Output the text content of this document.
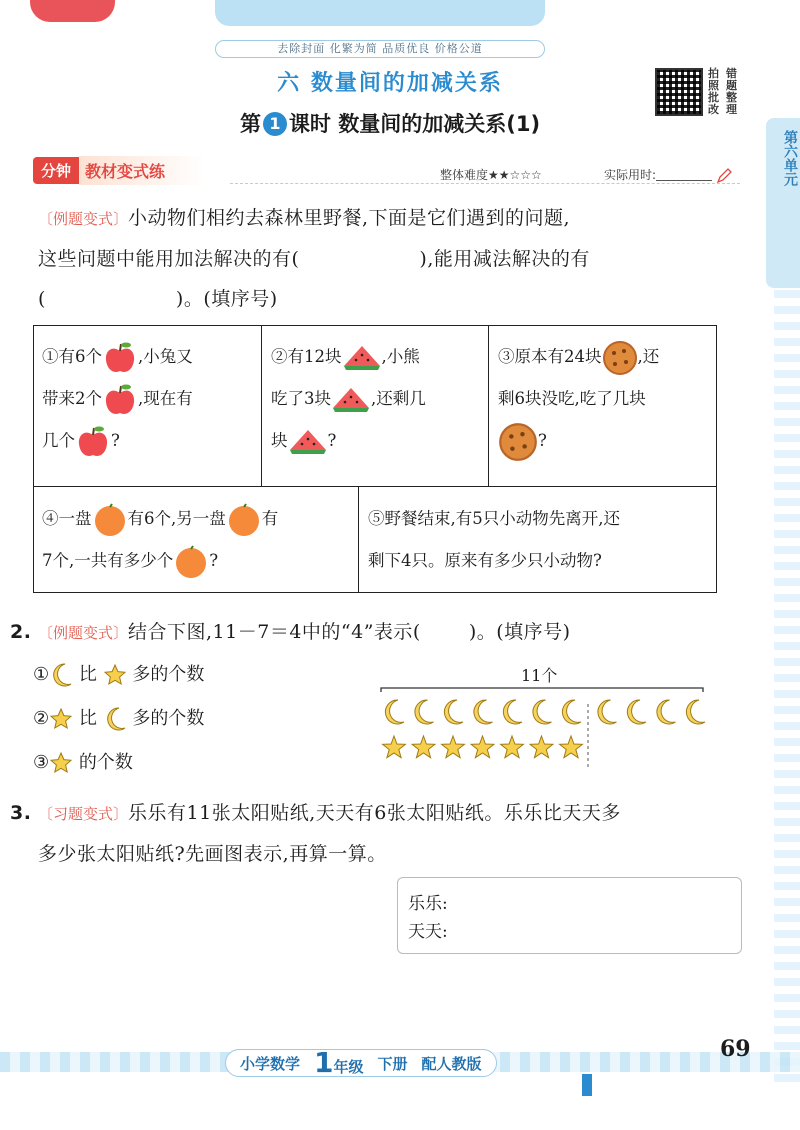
去除封面 化繁为简 品质优良 价格公道
第六单元
六 数量间的加减关系
第 1 课时 数量间的加减关系(1)
拍 错
照 题
批 整
改 理
分钟 教材变式练	整体难度★★☆☆☆	实际用时:
〔例题变式〕小动物们相约去森林里野餐,下面是它们遇到的问题,
这些问题中能用加法解决的有(	),能用减法解决的有
(	)。(填序号)
①有6个 ,小兔又
带来2个 ,现在有
几个 ?
②有12块 ,小熊
吃了3块 ,还剩几
块 ?
③原本有24块 ,还
剩6块没吃,吃了几块
?
④一盘 有6个,另一盘 有
7个,一共有多少个 ?
⑤野餐结束,有5只小动物先离开,还
剩下4只。原来有多少只小动物?
2. 〔例题变式〕结合下图,11－7＝4中的“4”表示(	)。(填序号)
① 比 多的个数
② 比 多的个数
③ 的个数
11个
3. 〔习题变式〕乐乐有11张太阳贴纸,天天有6张太阳贴纸。乐乐比天天多
多少张太阳贴纸?先画图表示,再算一算。
乐乐:
天天:
小学数学 1年级 下册 配人教版
69
